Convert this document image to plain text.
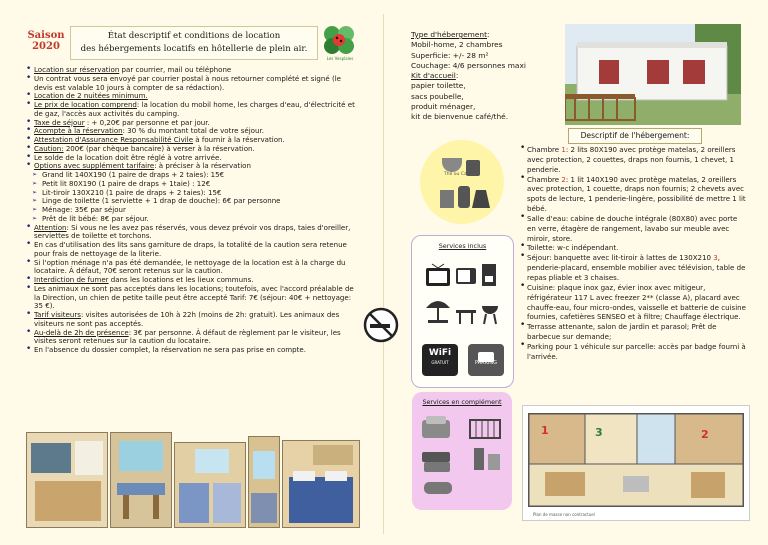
Saison
2020
État descriptif et conditions de location
des hébergements locatifs en hôtellerie de plein air.
Les Vesplaies
• Location sur réservation par courrier, mail ou téléphone
• Un contrat vous sera envoyé par courrier postal à nous retourner complété et signé (le devis est valable 10 jours à compter de sa rédaction).
• Location de 2 nuitées minimum.
• Le prix de location comprend: la location du mobil home, les charges d'eau, d'électricité et de gaz, l'accès aux activités du camping.
• Taxe de séjour : + 0,20€ par personne et par jour.
• Acompte à la réservation: 30 % du montant total de votre séjour.
• Attestation d'Assurance Responsabilité Civile à fournir à la réservation.
• Caution: 200€ (par chèque bancaire) à verser à la réservation.
• Le solde de la location doit être réglé à votre arrivée.
• Options avec supplément tarifaire: à préciser à la réservation
➢ Grand lit 140X190 (1 paire de draps + 2 taies): 15€
➢ Petit lit 80X190 (1 paire de draps + 1taie) : 12€
➢ Lit-tiroir 130X210 (1 paire de draps + 2 taies): 15€
➢ Linge de toilette (1 serviette + 1 drap de douche): 6€ par personne
➢ Ménage: 35€ par séjour
➢ Prêt de lit bébé: 8€ par séjour.
• Attention: Si vous ne les avez pas réservés, vous devez prévoir vos draps, taies d'oreiller, serviettes de toilette et torchons.
• En cas d'utilisation des lits sans garniture de draps, la totalité de la caution sera retenue pour frais de nettoyage de la literie.
• Si l'option ménage n'a pas été demandée, le nettoyage de la location est à la charge du locataire. À défaut, 70€ seront retenus sur la caution.
• Interdiction de fumer dans les locations et les lieux communs.
• Les animaux ne sont pas acceptés dans les locations; toutefois, avec l'accord préalable de la Direction, un chien de petite taille peut être accepté Tarif: 7€ (séjour: 40€ + nettoyage: 35 €).
• Tarif visiteurs: visites autorisées de 10h à 22h (moins de 2h: gratuit). Les animaux des visiteurs ne sont pas acceptés.
• Au-delà de 2h de présence: 3€ par personne. À défaut de règlement par le visiteur, les visites seront retenues sur la caution du locataire.
• En l'absence du dossier complet, la réservation ne sera pas prise en compte.
Type d'hébergement:
Mobil-home, 2 chambres
Superficie: +/- 28 m²
Couchage: 4/6 personnes maxi
Kit d'accueil:
papier toilette,
sacs poubelle,
produit ménager,
kit de bienvenue café/thé.
Descriptif de l'hébergement:
• Chambre 1: 2 lits 80X190 avec protège matelas, 2 oreillers avec protection, 2 couettes, draps non fournis, 1 chevet, 1 penderie.
• Chambre 2: 1 lit 140X190 avec protège matelas, 2 oreillers avec protection, 1 couette, draps non fournis; 2 chevets avec spots de lecture, 1 penderie-lingère, possibilité de mettre 1 lit bébé.
• Salle d'eau: cabine de douche intégrale (80X80) avec porte en verre, étagère de rangement, lavabo sur meuble avec miroir, store.
• Toilette: w-c indépendant.
• Séjour: banquette avec lit-tiroir à lattes de 130X210 3, penderie-placard, ensemble mobilier avec télévision, table de repas pliable et 3 chaises.
• Cuisine: plaque inox gaz, évier inox avec mitigeur, réfrigérateur 117 L avec freezer 2** (classe A), placard avec chauffe-eau, four micro-ondes, vaisselle et batterie de cuisine fournies, cafetières SENSEO et à filtre; Chauffage électrique.
• Terrasse attenante, salon de jardin et parasol; Prêt de barbecue sur demande;
• Parking pour 1 véhicule sur parcelle: accès par badge fourni à l'arrivée.
Thé ou Café
Services inclus
WiFi
GRATUIT	PARKING
Services en complément
Plan de masse non contractuel
1	3	2
